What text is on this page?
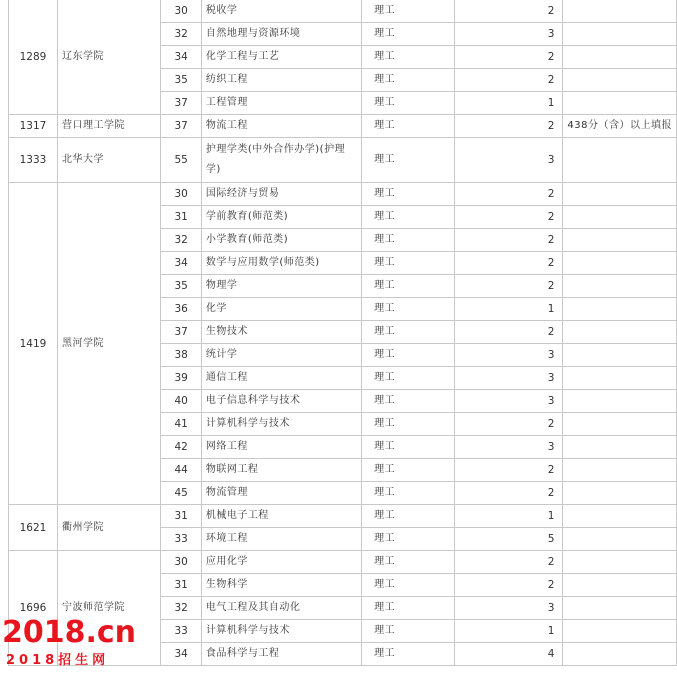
1289	辽东学院	30	税收学	理工	2	
		32	自然地理与资源环境	理工	3	
		34	化学工程与工艺	理工	2	
		35	纺织工程	理工	2	
		37	工程管理	理工	1	
1317	营口理工学院	37	物流工程	理工	2	438分（含）以上填报
1333	北华大学	55	护理学类(中外合作办学)(护理学)	理工	3	
1419	黑河学院	30	国际经济与贸易	理工	2	
		31	学前教育(师范类)	理工	2	
		32	小学教育(师范类)	理工	2	
		34	数学与应用数学(师范类)	理工	2	
		35	物理学	理工	2	
		36	化学	理工	1	
		37	生物技术	理工	2	
		38	统计学	理工	3	
		39	通信工程	理工	3	
		40	电子信息科学与技术	理工	3	
		41	计算机科学与技术	理工	2	
		42	网络工程	理工	3	
		44	物联网工程	理工	2	
		45	物流管理	理工	2	
1621	衢州学院	31	机械电子工程	理工	1	
		33	环境工程	理工	5	
1696	宁波师范学院	30	应用化学	理工	2	
		31	生物科学	理工	2	
		32	电气工程及其自动化	理工	3	
		33	计算机科学与技术	理工	1	
		34	食品科学与工程	理工	4	
2018.cn
2018招生网
